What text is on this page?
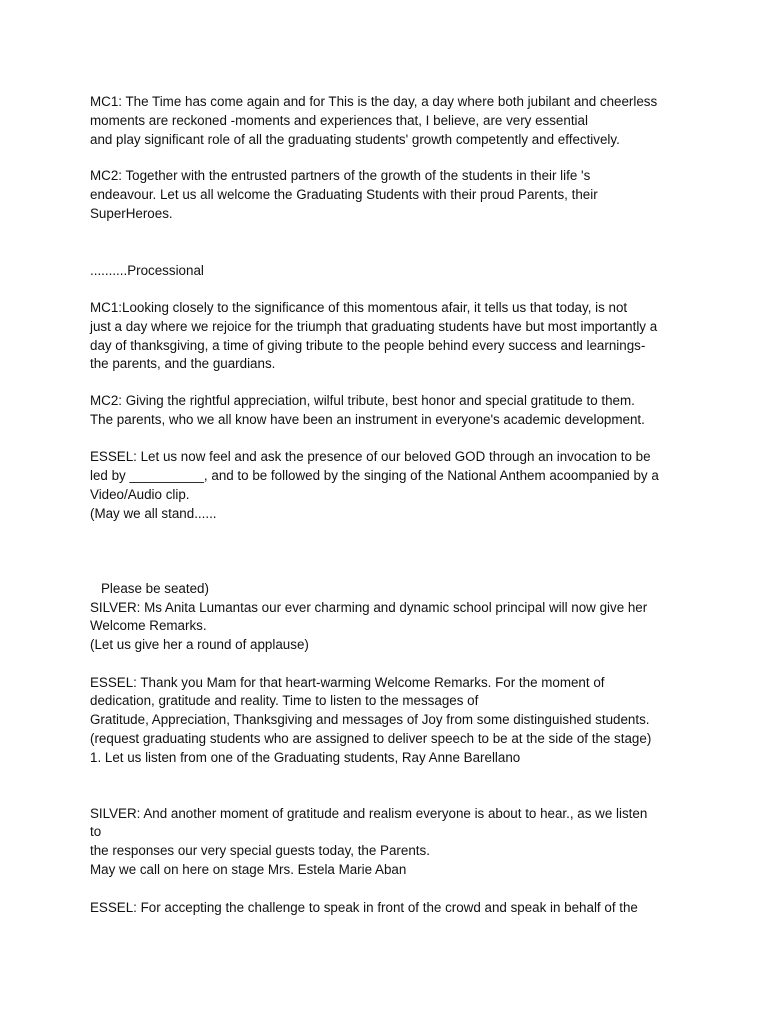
MC1: The Time has come again and for This is the day, a day where both jubilant and cheerless
moments are reckoned -moments and experiences that, I believe, are very essential
and play significant role of all the graduating students' growth competently and effectively.
MC2: Together with the entrusted partners of the growth of the students in their life 's
endeavour. Let us all welcome the Graduating Students with their proud Parents, their
SuperHeroes.
..........Processional
MC1:Looking closely to the significance of this momentous afair, it tells us that today, is not
just a day where we rejoice for the triumph that graduating students have but most importantly a
day of thanksgiving, a time of giving tribute to the people behind every success and learnings-
the parents, and the guardians.
MC2: Giving the rightful appreciation, wilful tribute, best honor and special gratitude to them.
The parents, who we all know have been an instrument in everyone's academic development.
ESSEL: Let us now feel and ask the presence of our beloved GOD through an invocation to be
led by __________, and to be followed by the singing of the National Anthem acoompanied by a
Video/Audio clip.
(May we all stand......
Please be seated)
SILVER: Ms Anita Lumantas our ever charming and dynamic school principal will now give her
Welcome Remarks.
(Let us give her a round of applause)
ESSEL: Thank you Mam for that heart-warming Welcome Remarks. For the moment of
dedication, gratitude and reality. Time to listen to the messages of
Gratitude, Appreciation, Thanksgiving and messages of Joy from some distinguished students.
(request graduating students who are assigned to deliver speech to be at the side of the stage)
1. Let us listen from one of the Graduating students, Ray Anne Barellano
SILVER: And another moment of gratitude and realism everyone is about to hear., as we listen
to
the responses our very special guests today, the Parents.
May we call on here on stage Mrs. Estela Marie Aban
ESSEL: For accepting the challenge to speak in front of the crowd and speak in behalf of the
